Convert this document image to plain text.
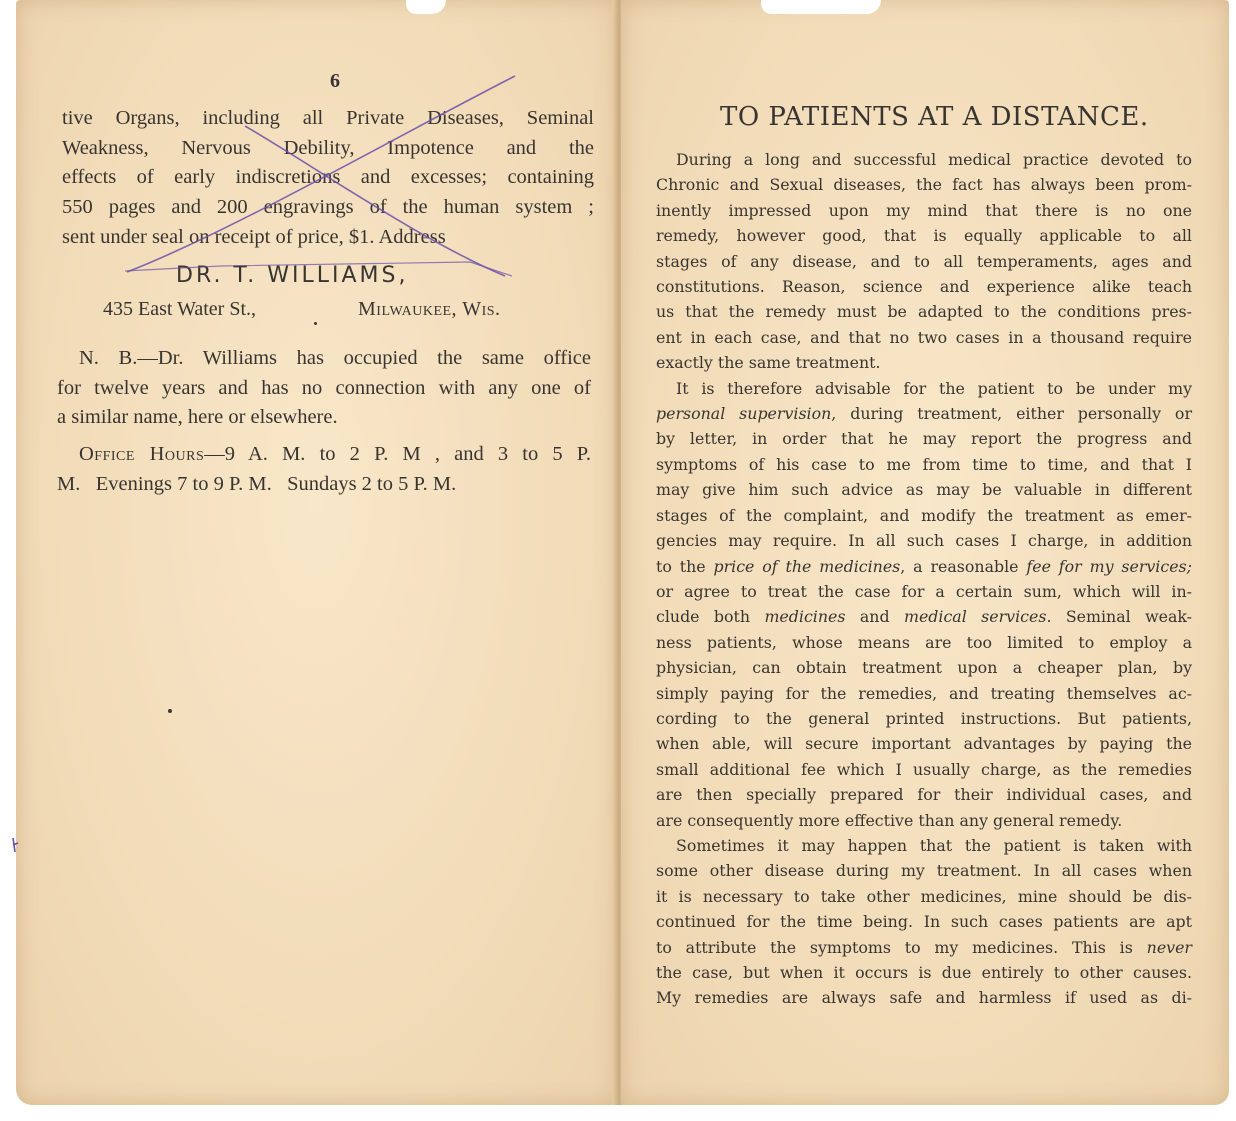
6
tive Organs, including all Private Diseases, Seminal
Weakness, Nervous Debility, Impotence and the
effects of early indiscretions and excesses; containing
550 pages and 200 engravings of the human system ;
sent under seal on receipt of price, $1. Address
DR. T. WILLIAMS,
435 East Water St.,	Milwaukee, Wis.
N. B.—Dr. Williams has occupied the same office
for twelve years and has no connection with any one of
a similar name, here or elsewhere.
Office Hours—9 A. M. to 2 P. M , and 3 to 5 P.
M.   Evenings 7 to 9 P. M.   Sundays 2 to 5 P. M.
TO PATIENTS AT A DISTANCE.
During a long and successful medical practice devoted to
Chronic and Sexual diseases, the fact has always been prom-
inently impressed upon my mind that there is no one
remedy, however good, that is equally applicable to all
stages of any disease, and to all temperaments, ages and
constitutions. Reason, science and experience alike teach
us that the remedy must be adapted to the conditions pres-
ent in each case, and that no two cases in a thousand require
exactly the same treatment.
It is therefore advisable for the patient to be under my
personal supervision, during treatment, either personally or
by letter, in order that he may report the progress and
symptoms of his case to me from time to time, and that I
may give him such advice as may be valuable in different
stages of the complaint, and modify the treatment as emer-
gencies may require. In all such cases I charge, in addition
to the price of the medicines, a reasonable fee for my services;
or agree to treat the case for a certain sum, which will in-
clude both medicines and medical services. Seminal weak-
ness patients, whose means are too limited to employ a
physician, can obtain treatment upon a cheaper plan, by
simply paying for the remedies, and treating themselves ac-
cording to the general printed instructions. But patients,
when able, will secure important advantages by paying the
small additional fee which I usually charge, as the remedies
are then specially prepared for their individual cases, and
are consequently more effective than any general remedy.
Sometimes it may happen that the patient is taken with
some other disease during my treatment. In all cases when
it is necessary to take other medicines, mine should be dis-
continued for the time being. In such cases patients are apt
to attribute the symptoms to my medicines. This is never
the case, but when it occurs is due entirely to other causes.
My remedies are always safe and harmless if used as di-
